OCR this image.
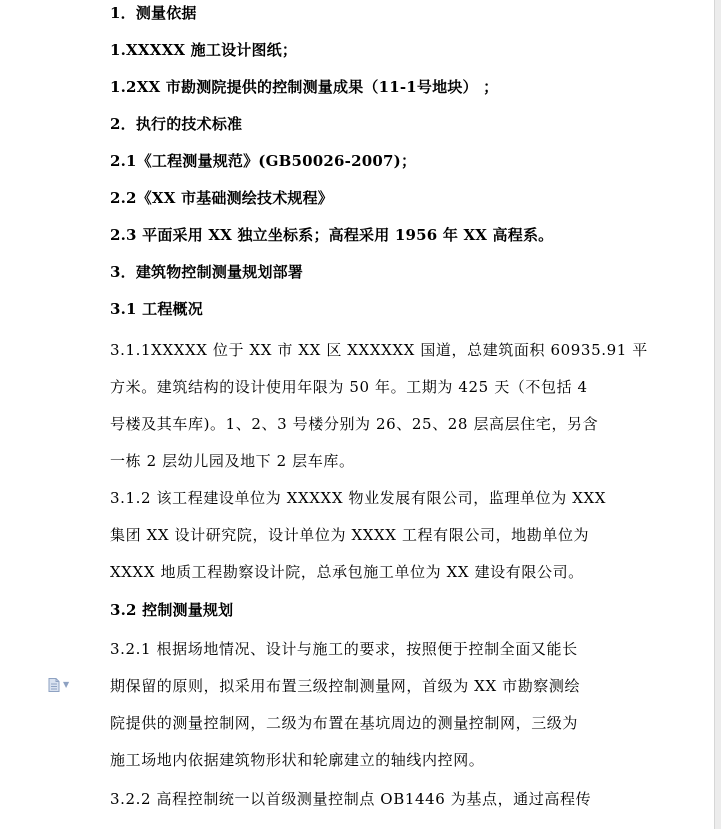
1．测量依据
1.XXXXX 施工设计图纸；
1.2XX 市勘测院提供的控制测量成果（11-1号地块） ；
2．执行的技术标准
2.1《工程测量规范》(GB50026-2007)；
2.2《XX 市基础测绘技术规程》
2.3 平面采用 XX 独立坐标系；高程采用 1956 年 XX 高程系。
3．建筑物控制测量规划部署
3.1 工程概况
3.1.1XXXXX 位于 XX 市 XX 区 XXXXXX 国道，总建筑面积 60935.91 平
方米。建筑结构的设计使用年限为 50 年。工期为 425 天（不包括 4
号楼及其车库)。1、2、3 号楼分别为 26、25、28 层高层住宅，另含
一栋 2 层幼儿园及地下 2 层车库。
3.1.2 该工程建设单位为 XXXXX 物业发展有限公司，监理单位为 XXX
集团 XX 设计研究院，设计单位为 XXXX 工程有限公司，地勘单位为
XXXX 地质工程勘察设计院，总承包施工单位为 XX 建设有限公司。
3.2 控制测量规划
3.2.1 根据场地情况、设计与施工的要求，按照便于控制全面又能长
期保留的原则，拟采用布置三级控制测量网，首级为 XX 市勘察测绘
院提供的测量控制网，二级为布置在基坑周边的测量控制网，三级为
施工场地内依据建筑物形状和轮廓建立的轴线内控网。
3.2.2 高程控制统一以首级测量控制点 OB1446 为基点，通过高程传
▼
